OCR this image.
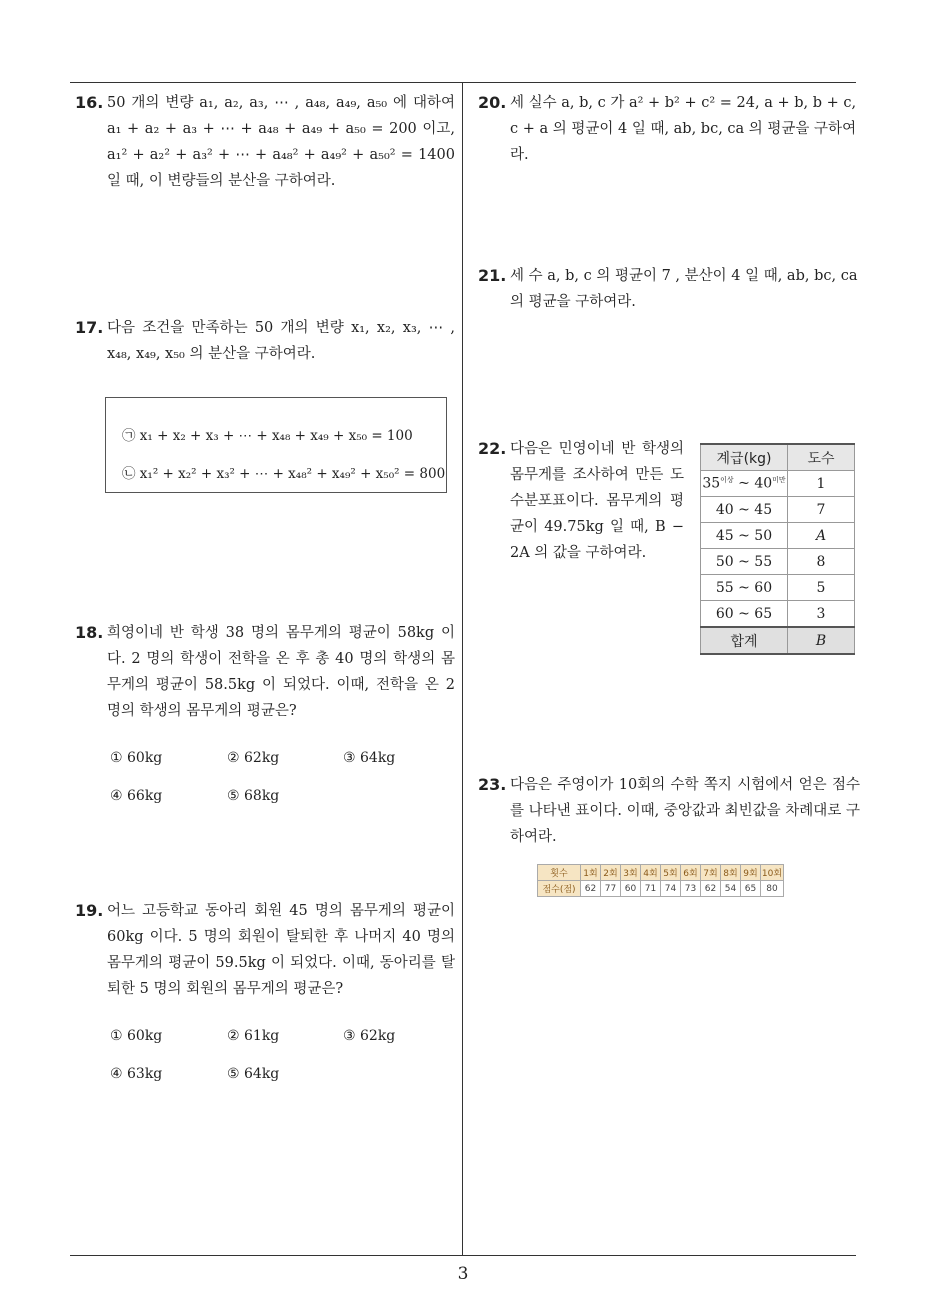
16. 50 개의 변량 a₁, a₂, a₃, ⋯ , a₄₈, a₄₉, a₅₀ 에 대하여 a₁ + a₂ + a₃ + ⋯ + a₄₈ + a₄₉ + a₅₀ = 200 이고, a₁² + a₂² + a₃² + ⋯ + a₄₈² + a₄₉² + a₅₀² = 1400 일 때, 이 변량들의 분산을 구하여라.
17. 다음 조건을 만족하는 50 개의 변량 x₁, x₂, x₃, ⋯ , x₄₈, x₄₉, x₅₀ 의 분산을 구하여라.
㉠ x₁ + x₂ + x₃ + ⋯ + x₄₈ + x₄₉ + x₅₀ = 100
㉡ x₁² + x₂² + x₃² + ⋯ + x₄₈² + x₄₉² + x₅₀² = 800
18. 희영이네 반 학생 38 명의 몸무게의 평균이 58kg 이다. 2 명의 학생이 전학을 온 후 총 40 명의 학생의 몸무게의 평균이 58.5kg 이 되었다. 이때, 전학을 온 2 명의 학생의 몸무게의 평균은?
① 60kg	② 62kg	③ 64kg
④ 66kg	⑤ 68kg
19. 어느 고등학교 동아리 회원 45 명의 몸무게의 평균이 60kg 이다. 5 명의 회원이 탈퇴한 후 나머지 40 명의 몸무게의 평균이 59.5kg 이 되었다. 이때, 동아리를 탈퇴한 5 명의 회원의 몸무게의 평균은?
① 60kg	② 61kg	③ 62kg
④ 63kg	⑤ 64kg
20. 세 실수 a, b, c 가 a² + b² + c² = 24, a + b, b + c, c + a 의 평균이 4 일 때, ab, bc, ca 의 평균을 구하여라.
21. 세 수 a, b, c 의 평균이 7 , 분산이 4 일 때, ab, bc, ca 의 평균을 구하여라.
22. 다음은 민영이네 반 학생의 몸무게를 조사하여 만든 도수분포표이다. 몸무게의 평균이 49.75kg 일 때, B − 2A 의 값을 구하여라.
계급(kg)	도수
$35^{이상}$ ~ $40^{미만}$	1
40 ~ 45	7
45 ~ 50	A
50 ~ 55	8
55 ~ 60	5
60 ~ 65	3
합계	B
23. 다음은 주영이가 10회의 수학 쪽지 시험에서 얻은 점수를 나타낸 표이다. 이때, 중앙값과 최빈값을 차례대로 구하여라.
횟수	1회	2회	3회	4회	5회	6회	7회	8회	9회	10회
점수(점)	62	77	60	71	74	73	62	54	65	80
3
